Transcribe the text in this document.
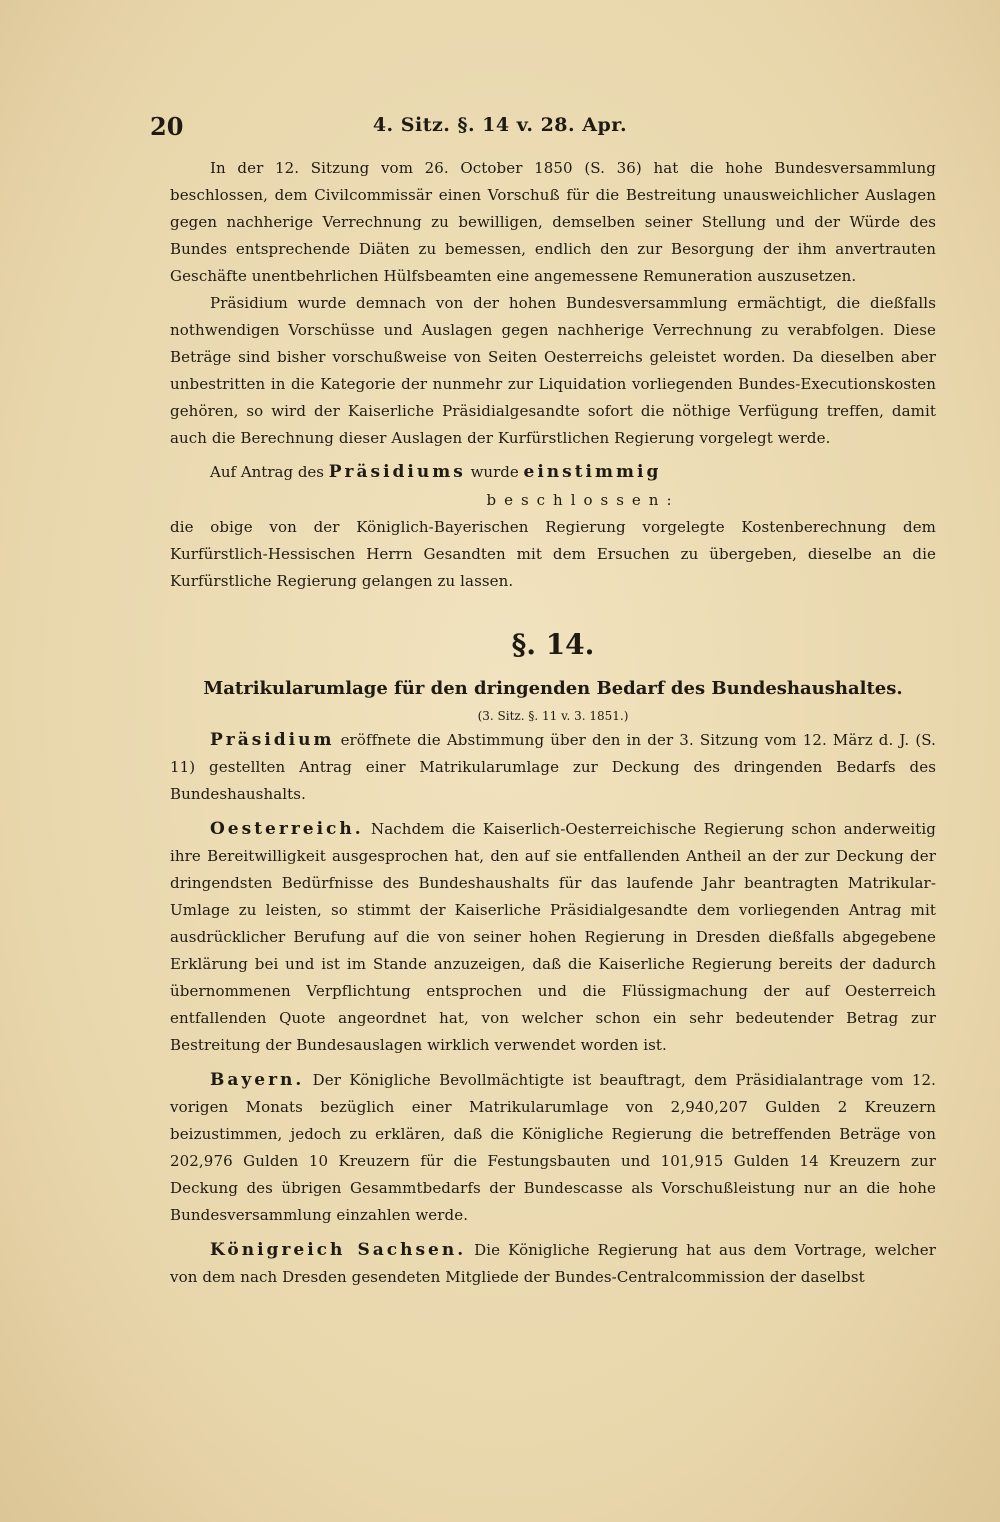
20	4. Sitz. §. 14 v. 28. Apr.

In der 12. Sitzung vom 26. October 1850 (S. 36) hat die hohe Bundesversammlung beschlossen, dem Civilcommissär einen Vorschuß für die Bestreitung unausweichlicher Auslagen gegen nachherige Verrechnung zu bewilligen, demselben seiner Stellung und der Würde des Bundes entsprechende Diäten zu bemessen, endlich den zur Besorgung der ihm anvertrauten Geschäfte unentbehrlichen Hülfsbeamten eine angemessene Remuneration auszusetzen.

Präsidium wurde demnach von der hohen Bundesversammlung ermächtigt, die dießfalls nothwendigen Vorschüsse und Auslagen gegen nachherige Verrechnung zu verabfolgen. Diese Beträge sind bisher vorschußweise von Seiten Oesterreichs geleistet worden. Da dieselben aber unbestritten in die Kategorie der nunmehr zur Liquidation vorliegenden Bundes-Executionskosten gehören, so wird der Kaiserliche Präsidialgesandte sofort die nöthige Verfügung treffen, damit auch die Berechnung dieser Auslagen der Kurfürstlichen Regierung vorgelegt werde.

Auf Antrag des Präsidiums wurde einstimmig
beschlossen:

die obige von der Königlich-Bayerischen Regierung vorgelegte Kostenberechnung dem Kurfürstlich-Hessischen Herrn Gesandten mit dem Ersuchen zu übergeben, dieselbe an die Kurfürstliche Regierung gelangen zu lassen.

§. 14.
Matrikularumlage für den dringenden Bedarf des Bundeshaushaltes.
(3. Sitz. §. 11 v. 3. 1851.)

Präsidium eröffnete die Abstimmung über den in der 3. Sitzung vom 12. März d. J. (S. 11) gestellten Antrag einer Matrikularumlage zur Deckung des dringenden Bedarfs des Bundeshaushalts.

Oesterreich. Nachdem die Kaiserlich-Oesterreichische Regierung schon anderweitig ihre Bereitwilligkeit ausgesprochen hat, den auf sie entfallenden Antheil an der zur Deckung der dringendsten Bedürfnisse des Bundeshaushalts für das laufende Jahr beantragten Matrikular-Umlage zu leisten, so stimmt der Kaiserliche Präsidialgesandte dem vorliegenden Antrag mit ausdrücklicher Berufung auf die von seiner hohen Regierung in Dresden dießfalls abgegebene Erklärung bei und ist im Stande anzuzeigen, daß die Kaiserliche Regierung bereits der dadurch übernommenen Verpflichtung entsprochen und die Flüssigmachung der auf Oesterreich entfallenden Quote angeordnet hat, von welcher schon ein sehr bedeutender Betrag zur Bestreitung der Bundesauslagen wirklich verwendet worden ist.

Bayern. Der Königliche Bevollmächtigte ist beauftragt, dem Präsidialantrage vom 12. vorigen Monats bezüglich einer Matrikularumlage von 2,940,207 Gulden 2 Kreuzern beizustimmen, jedoch zu erklären, daß die Königliche Regierung die betreffenden Beträge von 202,976 Gulden 10 Kreuzern für die Festungsbauten und 101,915 Gulden 14 Kreuzern zur Deckung des übrigen Gesammtbedarfs der Bundescasse als Vorschußleistung nur an die hohe Bundesversammlung einzahlen werde.

Königreich Sachsen. Die Königliche Regierung hat aus dem Vortrage, welcher von dem nach Dresden gesendeten Mitgliede der Bundes-Centralcommission der daselbst
